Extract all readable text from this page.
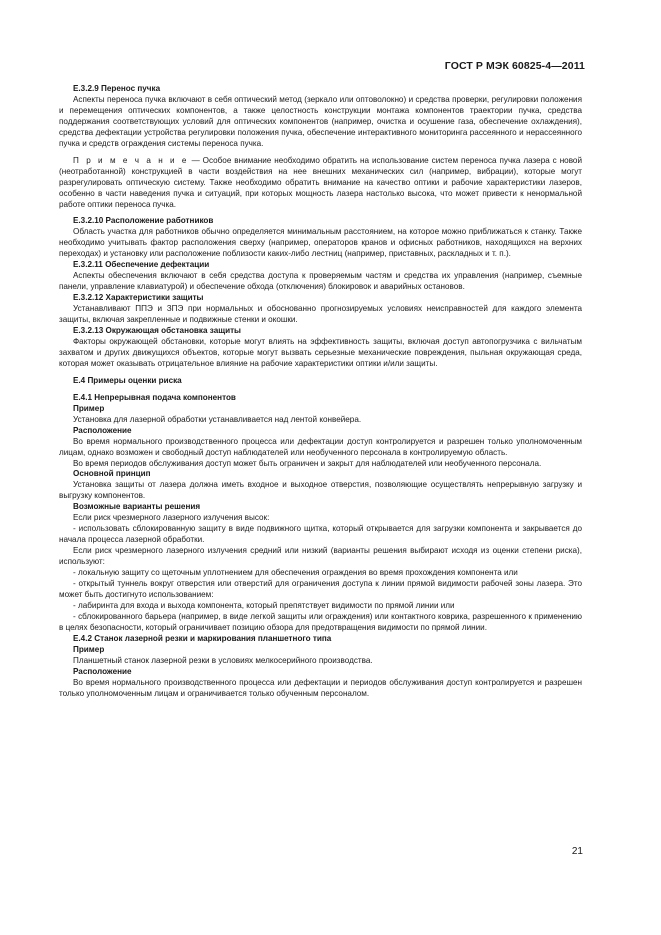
ГОСТ Р МЭК 60825-4—2011

Е.3.2.9 Перенос пучка

Аспекты переноса пучка включают в себя оптический метод (зеркало или оптоволокно) и средства проверки, регулировки положения и перемещения оптических компонентов, а также целостность конструкции монтажа компонентов траектории пучка, средства поддержания соответствующих условий для оптических компонентов (например, очистка и осушение газа, обеспечение охлаждения), средства дефектации устройства регулировки положения пучка, обеспечение интерактивного мониторинга рассеянного и нерассеянного пучка и средств ограждения системы переноса пучка.

П р и м е ч а н и е — Особое внимание необходимо обратить на использование систем переноса пучка лазера с новой (неотработанной) конструкцией в части воздействия на нее внешних механических сил (например, вибрации), которые могут разрегулировать оптическую систему. Также необходимо обратить внимание на качество оптики и рабочие характеристики лазеров, особенно в части наведения пучка и ситуаций, при которых мощность лазера настолько высока, что может привести к ненормальной работе оптики переноса пучка.

Е.3.2.10 Расположение работников

Область участка для работников обычно определяется минимальным расстоянием, на которое можно приближаться к станку. Также необходимо учитывать фактор расположения сверху (например, операторов кранов и офисных работников, находящихся на верхних переходах) и установку или расположение поблизости каких-либо лестниц (например, приставных, раскладных и т. п.).

Е.3.2.11 Обеспечение дефектации

Аспекты обеспечения включают в себя средства доступа к проверяемым частям и средства их управления (например, съемные панели, управление клавиатурой) и обеспечение обхода (отключения) блокировок и аварийных остановов.

Е.3.2.12 Характеристики защиты

Устанавливают ППЭ и ЗПЭ при нормальных и обоснованно прогнозируемых условиях неисправностей для каждого элемента защиты, включая закрепленные и подвижные стенки и окошки.

Е.3.2.13 Окружающая обстановка защиты

Факторы окружающей обстановки, которые могут влиять на эффективность защиты, включая доступ автопогрузчика с вильчатым захватом и других движущихся объектов, которые могут вызвать серьезные механические повреждения, пыльная окружающая среда, которая может оказывать отрицательное влияние на рабочие характеристики оптики и/или защиты.

Е.4 Примеры оценки риска

Е.4.1 Непрерывная подача компонентов

Пример

Установка для лазерной обработки устанавливается над лентой конвейера.

Расположение

Во время нормального производственного процесса или дефектации доступ контролируется и разрешен только уполномоченным лицам, однако возможен и свободный доступ наблюдателей или необученного персонала в контролируемую область.

Во время периодов обслуживания доступ может быть ограничен и закрыт для наблюдателей или необученного персонала.

Основной принцип

Установка защиты от лазера должна иметь входное и выходное отверстия, позволяющие осуществлять непрерывную загрузку и выгрузку компонентов.

Возможные варианты решения

Если риск чрезмерного лазерного излучения высок:

- использовать сблокированную защиту в виде подвижного щитка, который открывается для загрузки компонента и закрывается до начала процесса лазерной обработки.

Если риск чрезмерного лазерного излучения средний или низкий (варианты решения выбирают исходя из оценки степени риска), используют:

- локальную защиту со щеточным уплотнением для обеспечения ограждения во время прохождения компонента или

- открытый туннель вокруг отверстия или отверстий для ограничения доступа к линии прямой видимости рабочей зоны лазера. Это может быть достигнуто использованием:

- лабиринта для входа и выхода компонента, который препятствует видимости по прямой линии или

- сблокированного барьера (например, в виде легкой защиты или ограждения) или контактного коврика, разрешенного к применению в целях безопасности, который ограничивает позицию обзора для предотвращения видимости по прямой линии.

Е.4.2 Станок лазерной резки и маркирования планшетного типа

Пример

Планшетный станок лазерной резки в условиях мелкосерийного производства.

Расположение

Во время нормального производственного процесса или дефектации и периодов обслуживания доступ контролируется и разрешен только уполномоченным лицам и ограничивается только обученным персоналом.

21
